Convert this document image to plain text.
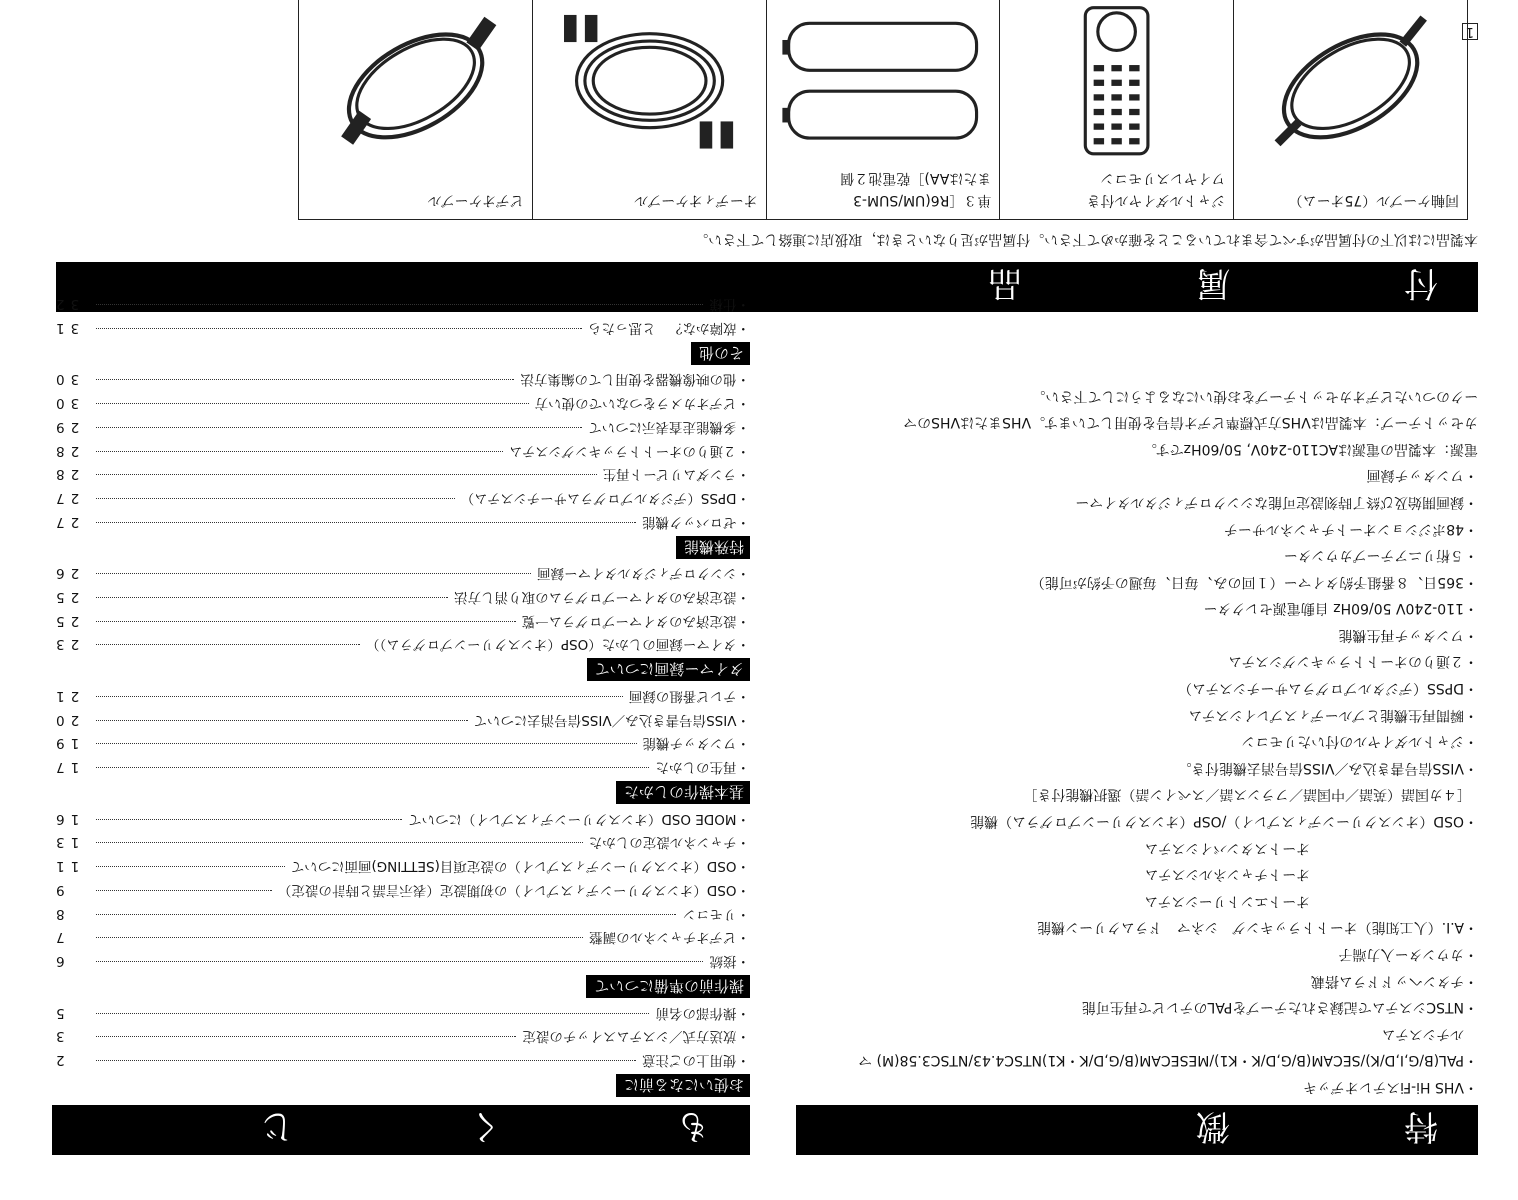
1
本製品には以下の付属品がすべて含まれていることを確かめて下さい。付属品が足りないときは，取扱店に連絡して下さい。
同軸ケーブル（75オーム）
ジャトルダイヤル付き
ワイヤレスリモコン
単３［R6(UM/SUM-3
またはAA)］乾電池２個
オーディオケーブル
ビデオケーブル
付　属　品
特　徴
・VHS Hi-Fiステレオデッキ
・PAL(B/G,I,D/K)/SECAM(B/G,D/K・K1)/MESECAM(B/G,D/K・K1)NTSC4.43/NTSC3.58(M) マ
　ルチシステム
・NTSCシステムで記録されたテープをPALのテレビで再生可能
・チタンヘッドドラム搭載
・カウンター入力端子
・A.I.（人工知能）オートトラッキング　シネマ　ドラムクリーン機能
　　　　　　　　　　　　オートエントリーシステム
　　　　　　　　　　　　オートチャンネルシステム
　　　　　　　　　　　　オートスタンバイシステム
・OSD（オンスクリーンディスプレイ）/OSP（オンスクリーンプログラム）機能
　［４カ国語（英語／中国語／フランス語／スペイン語）選択機能付き］
・VISS信号書き込み／VISS信号消去機能付き。
・ジャトルダイヤルの付いたリモコン
・瞬間再生機能とブルーディスプレイシステム
・DPSS（デジタルプログラムサーチシステム）
・２通りのオートトラッキングシステム
・ワンタッチ再生機能
・110-240V 50/60Hz 自動電源セレクター
・365日、８番組予約タイマー（１回のみ、毎日、毎週の予約が可能）
・５桁リニアテープカウンター
・48ポジションオートチャンネルサーチ
・録画開始及び終了時刻設定可能なシンクロディジタルタイマー
・ワンタッチ録画
電源：本製品の電源はAC110-240V, 50/60Hzです。
カセットテープ：本製品はVHS方式標準ビデオ信号を使用しています。VHSまたはVHSのマ
ークのついたビデオカセットテープをお使いになるようにして下さい。
も　く　じ
お使いになる前に
・使用上のご注意
2
・放送方式／システムスイッチの設定
3
・操作部の名前
5
操作前の準備について
・接続
6
・ビデオチャンネルの調整
7
・リモコン
8
・OSD（オンスクリーンディスプレイ）の初期設定（表示言語と時計の設定）
9
・OSD（オンスクリーンディスプレイ）の設定項目(SETTING)画面について
11
・チャンネル設定のしかた
13
・MODE OSD（オンスクリーンディスプレイ）について
16
基本操作のしかた
・再生のしかた
17
・ワンタッチ機能
19
・VISS信号書き込み／VISS信号消去について
20
・テレビ番組の録画
21
タイマー録画について
・タイマー録画のしかた（OSP（オンスクリーンプログラム））
23
・設定済みのタイマープログラム一覧
25
・設定済みのタイマープログラムの取り消し方法
25
・シンクロディジタルタイマー録画
26
特殊機能
・ゼロバック機能
27
・DPSS（デジタルプログラムサーチシステム）
27
・ランダムリピート再生
28
・２通りのオートトラッキングシステム
28
・多機能走査表示について
29
・ビデオカメラをつないでの使い方
30
・他の映像機器を使用しての編集方法
30
その他
・故障かな？　と思ったら
31
・仕様
32
